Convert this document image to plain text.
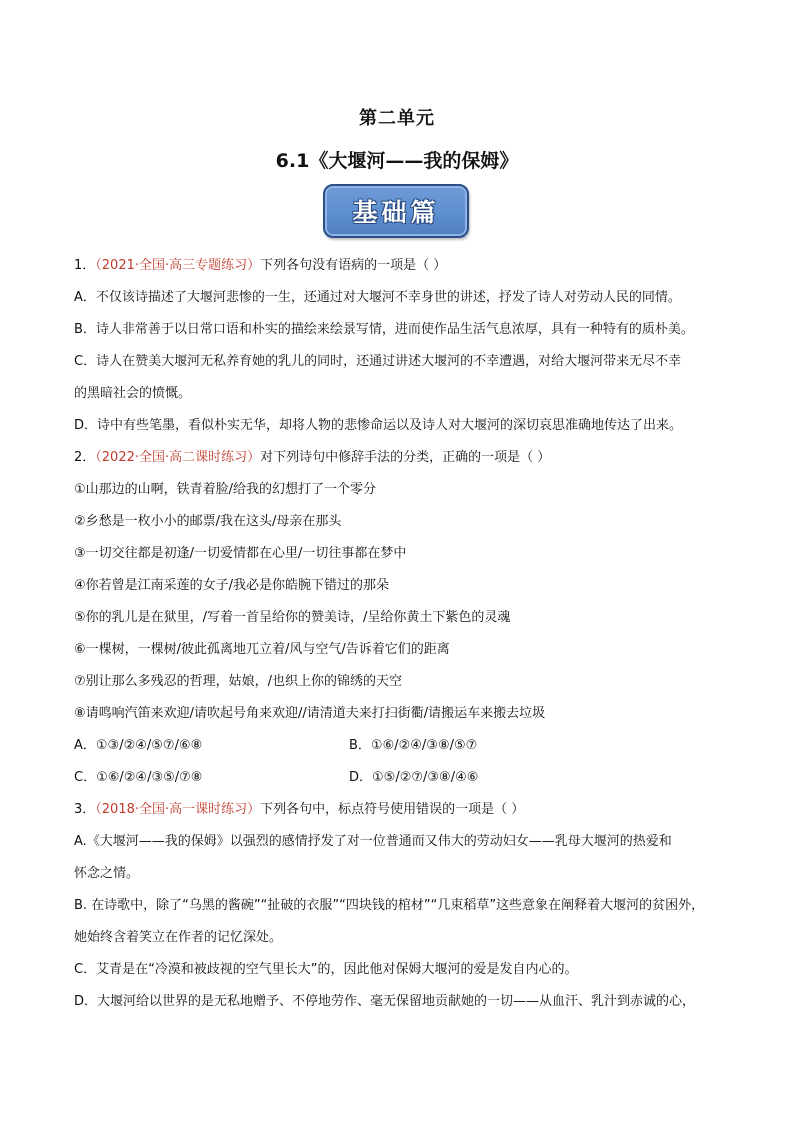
第二单元
6.1《大堰河——我的保姆》
基础篇
1．（2021·全国·高三专题练习）下列各句没有语病的一项是（ ）
A．不仅该诗描述了大堰河悲惨的一生，还通过对大堰河不幸身世的讲述，抒发了诗人对劳动人民的同情。
B．诗人非常善于以日常口语和朴实的描绘来绘景写情，进而使作品生活气息浓厚，具有一种特有的质朴美。
C．诗人在赞美大堰河无私养育她的乳儿的同时，还通过讲述大堰河的不幸遭遇，对给大堰河带来无尽不幸
的黑暗社会的愤慨。
D．诗中有些笔墨，看似朴实无华，却将人物的悲惨命运以及诗人对大堰河的深切哀思准确地传达了出来。
2．（2022·全国·高二课时练习）对下列诗句中修辞手法的分类，正确的一项是（ ）
①山那边的山啊，铁青着脸/给我的幻想打了一个零分
②乡愁是一枚小小的邮票/我在这头/母亲在那头
③一切交往都是初逢/一切爱情都在心里/一切往事都在梦中
④你若曾是江南采莲的女子/我必是你皓腕下错过的那朵
⑤你的乳儿是在狱里，/写着一首呈给你的赞美诗，/呈给你黄土下紫色的灵魂
⑥一棵树，一棵树/彼此孤离地兀立着/风与空气/告诉着它们的距离
⑦别让那么多残忍的哲理，姑娘，/也织上你的锦绣的天空
⑧请鸣响汽笛来欢迎/请吹起号角来欢迎//请清道夫来打扫街衢/请搬运车来搬去垃圾
A．①③/②④/⑤⑦/⑥⑧	B．①⑥/②④/③⑧/⑤⑦
C．①⑥/②④/③⑤/⑦⑧	D．①⑤/②⑦/③⑧/④⑥
3．（2018·全国·高一课时练习）下列各句中，标点符号使用错误的一项是（ ）
A.《大堰河——我的保姆》以强烈的感情抒发了对一位普通而又伟大的劳动妇女——乳母大堰河的热爱和
怀念之情。
B. 在诗歌中，除了“乌黑的酱碗”“扯破的衣服”“四块钱的棺材”“几束稻草”这些意象在阐释着大堰河的贫困外，
她始终含着笑立在作者的记忆深处。
C．艾青是在“冷漠和被歧视的空气里长大”的，因此他对保姆大堰河的爱是发自内心的。
D．大堰河给以世界的是无私地赠予、不停地劳作、毫无保留地贡献她的一切——从血汗、乳汁到赤诚的心，
